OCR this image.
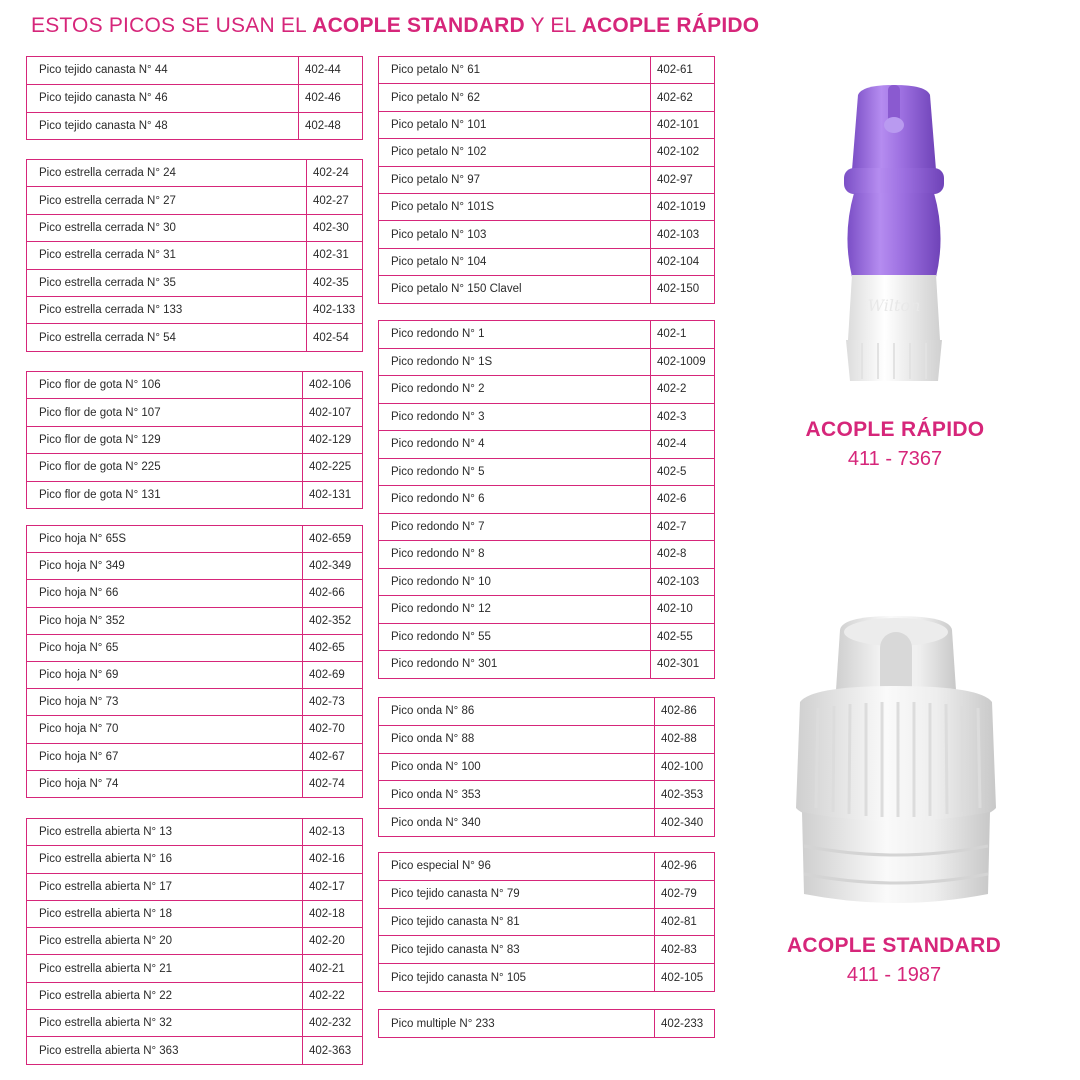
ESTOS PICOS SE USAN EL ACOPLE STANDARD Y EL ACOPLE RÁPIDO
Pico tejido canasta N° 44	402-44
Pico tejido canasta N° 46	402-46
Pico tejido canasta N° 48	402-48
Pico estrella cerrada N° 24	402-24
Pico estrella cerrada N° 27	402-27
Pico estrella cerrada N° 30	402-30
Pico estrella cerrada N° 31	402-31
Pico estrella cerrada N° 35	402-35
Pico estrella cerrada N° 133	402-133
Pico estrella cerrada N° 54	402-54
Pico flor de gota N° 106	402-106
Pico flor de gota N° 107	402-107
Pico flor de gota N° 129	402-129
Pico flor de gota N° 225	402-225
Pico flor de gota N° 131	402-131
Pico hoja N° 65S	402-659
Pico hoja N° 349	402-349
Pico hoja N° 66	402-66
Pico hoja N° 352	402-352
Pico hoja N° 65	402-65
Pico hoja N° 69	402-69
Pico hoja N° 73	402-73
Pico hoja N° 70	402-70
Pico hoja N° 67	402-67
Pico hoja N° 74	402-74
Pico estrella abierta N° 13	402-13
Pico estrella abierta N° 16	402-16
Pico estrella abierta N° 17	402-17
Pico estrella abierta N° 18	402-18
Pico estrella abierta N° 20	402-20
Pico estrella abierta N° 21	402-21
Pico estrella abierta N° 22	402-22
Pico estrella abierta N° 32	402-232
Pico estrella abierta N° 363	402-363
Pico petalo N° 61	402-61
Pico petalo N° 62	402-62
Pico petalo N° 101	402-101
Pico petalo N° 102	402-102
Pico petalo N° 97	402-97
Pico petalo N° 101S	402-1019
Pico petalo N° 103	402-103
Pico petalo N° 104	402-104
Pico petalo N° 150 Clavel	402-150
Pico redondo N° 1	402-1
Pico redondo N° 1S	402-1009
Pico redondo N° 2	402-2
Pico redondo N° 3	402-3
Pico redondo N° 4	402-4
Pico redondo N° 5	402-5
Pico redondo N° 6	402-6
Pico redondo N° 7	402-7
Pico redondo N° 8	402-8
Pico redondo N° 10	402-103
Pico redondo N° 12	402-10
Pico redondo N° 55	402-55
Pico redondo N° 301	402-301
Pico onda N° 86	402-86
Pico onda N° 88	402-88
Pico onda N° 100	402-100
Pico onda N° 353	402-353
Pico onda N° 340	402-340
Pico especial N° 96	402-96
Pico tejido canasta N° 79	402-79
Pico tejido canasta N° 81	402-81
Pico tejido canasta N° 83	402-83
Pico tejido canasta N° 105	402-105
Pico multiple N° 233	402-233
Wilton
ACOPLE RÁPIDO
411 - 7367
ACOPLE STANDARD
411 - 1987
